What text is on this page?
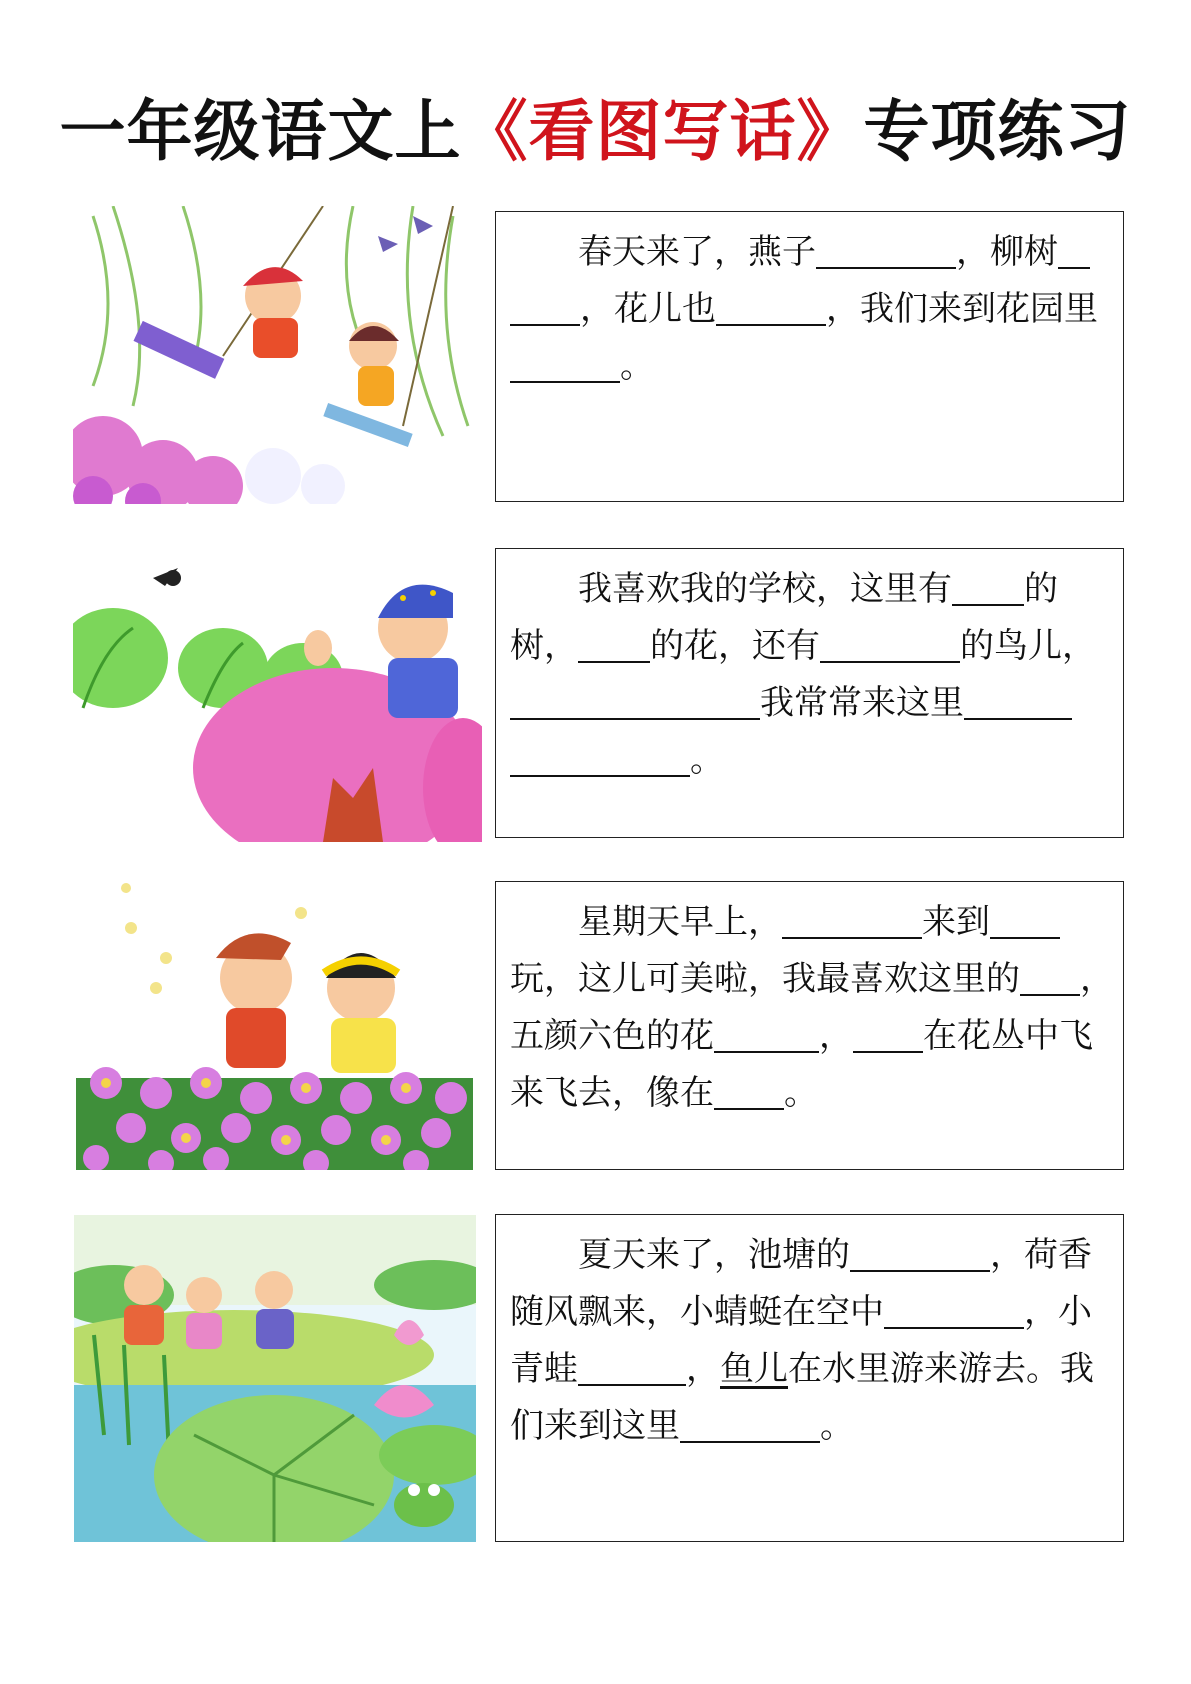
一年级语文上《看图写话》专项练习
春天来了，燕子	，柳树
，花儿也	，我们来到花园里
。
我喜欢我的学校，这里有 的
树， 的花，还有	的鸟儿，
我常常来这里
。
星期天早上，	来到
玩，这儿可美啦，我最喜欢这里的 ，
五颜六色的花	， 在花丛中飞
来飞去，像在 。
夏天来了，池塘的	，荷香
随风飘来，小蜻蜓在空中	，小
青蛙	，鱼儿在水里游来游去。我
们来到这里	。
